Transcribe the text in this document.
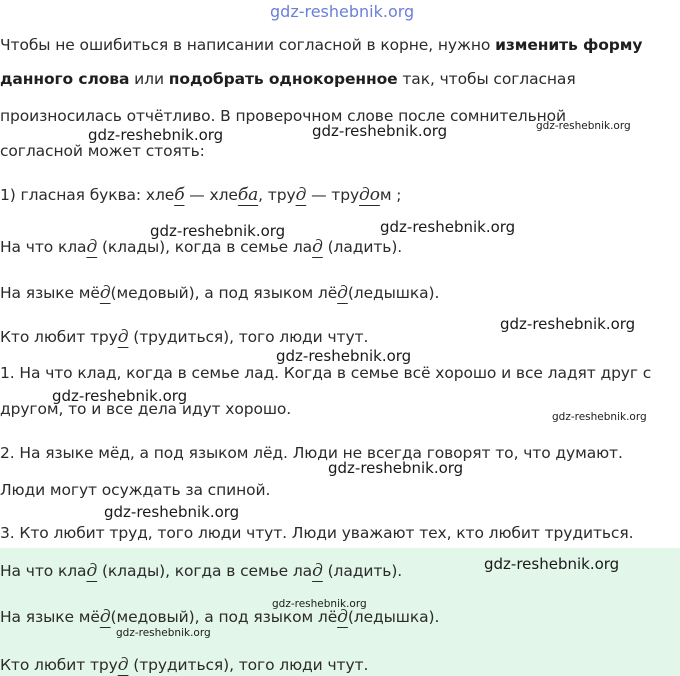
gdz-reshebnik.org
Чтобы не ошибиться в написании согласной в корне, нужно изменить форму
данного слова или подобрать однокоренное так, чтобы согласная
произносилась отчётливо. В проверочном слове после сомнительной
согласной может стоять:
1) гласная буква: хлеб — хлеба, труд — трудом ;
На что клад (клады), когда в семье лад (ладить).
На языке мёд(медовый), а под языком лёд(ледышка).
Кто любит труд (трудиться), того люди чтут.
1. На что клад, когда в семье лад. Когда в семье всё хорошо и все ладят друг с
другом, то и все дела идут хорошо.
2. На языке мёд, а под языком лёд. Люди не всегда говорят то, что думают.
Люди могут осуждать за спиной.
3. Кто любит труд, того люди чтут. Люди уважают тех, кто любит трудиться.
На что клад (клады), когда в семье лад (ладить).
На языке мёд(медовый), а под языком лёд(ледышка).
Кто любит труд (трудиться), того люди чтут.
gdz-reshebnik.org	gdz-reshebnik.org	gdz-reshebnik.org
gdz-reshebnik.org	gdz-reshebnik.org
gdz-reshebnik.org
gdz-reshebnik.org
gdz-reshebnik.org
gdz-reshebnik.org
gdz-reshebnik.org
gdz-reshebnik.org
gdz-reshebnik.org
gdz-reshebnik.org
gdz-reshebnik.org
